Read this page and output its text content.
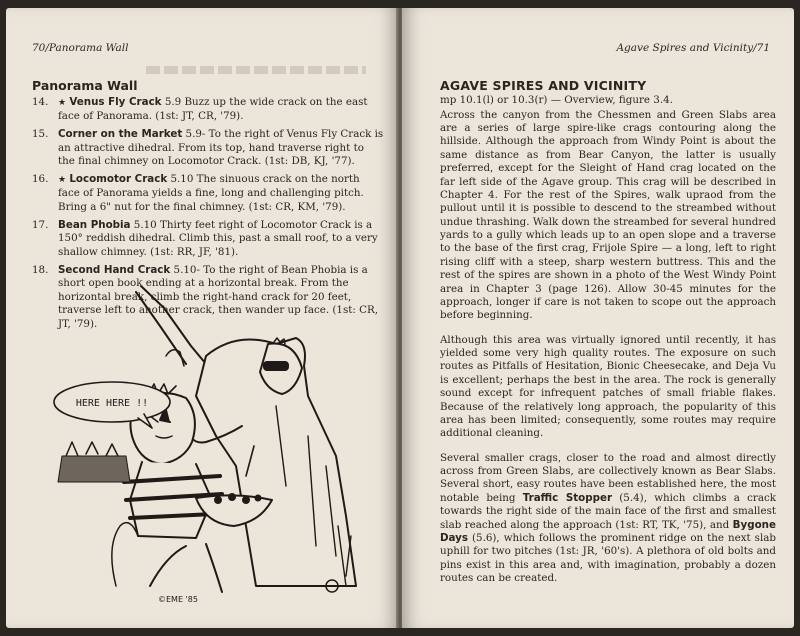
70/Panorama Wall
Panorama Wall
14. ★ Venus Fly Crack 5.9 Buzz up the wide crack on the east face of Panorama. (1st: JT, CR, '79).
15. Corner on the Market 5.9- To the right of Venus Fly Crack is an attractive dihedral. From its top, hand traverse right to the final chimney on Locomotor Crack. (1st: DB, KJ, '77).
16. ★ Locomotor Crack 5.10 The sinuous crack on the north face of Panorama yields a fine, long and challenging pitch. Bring a 6" nut for the final chimney. (1st: CR, KM, '79).
17. Bean Phobia 5.10 Thirty feet right of Locomotor Crack is a 150° reddish dihedral. Climb this, past a small roof, to a very shallow chimney. (1st: RR, JF, '81).
18. Second Hand Crack 5.10- To the right of Bean Phobia is a short open book ending at a horizontal break. From the horizontal break, climb the right-hand crack for 20 feet, traverse left to another crack, then wander up face. (1st: CR, JT, '79).
HERE HERE !!
©EME '85
Agave Spires and Vicinity/71
AGAVE SPIRES AND VICINITY

mp 10.1(l) or 10.3(r) — Overview, figure 3.4.

Across the canyon from the Chessmen and Green Slabs area are a series of large spire-like crags contouring along the hillside. Although the approach from Windy Point is about the same distance as from Bear Canyon, the latter is usually preferred, except for the Sleight of Hand crag located on the far left side of the Agave group. This crag will be described in Chapter 4. For the rest of the Spires, walk upraod from the pullout until it is possible to descend to the streambed without undue thrashing. Walk down the streambed for several hundred yards to a gully which leads up to an open slope and a traverse to the base of the first crag, Frijole Spire — a long, left to right rising cliff with a steep, sharp western buttress. This and the rest of the spires are shown in a photo of the West Windy Point area in Chapter 3 (page 126). Allow 30-45 minutes for the approach, longer if care is not taken to scope out the approach before beginning.

Although this area was virtually ignored until recently, it has yielded some very high quality routes. The exposure on such routes as Pitfalls of Hesitation, Bionic Cheesecake, and Deja Vu is excellent; perhaps the best in the area. The rock is generally sound except for infrequent patches of small friable flakes. Because of the relatively long approach, the popularity of this area has been limited; consequently, some routes may require additional cleaning.

Several smaller crags, closer to the road and almost directly across from Green Slabs, are collectively known as Bear Slabs. Several short, easy routes have been established here, the most notable being Traffic Stopper (5.4), which climbs a crack towards the right side of the main face of the first and smallest slab reached along the approach (1st: RT, TK, '75), and Bygone Days (5.6), which follows the prominent ridge on the next slab uphill for two pitches (1st: JR, '60's). A plethora of old bolts and pins exist in this area and, with imagination, probably a dozen routes can be created.
